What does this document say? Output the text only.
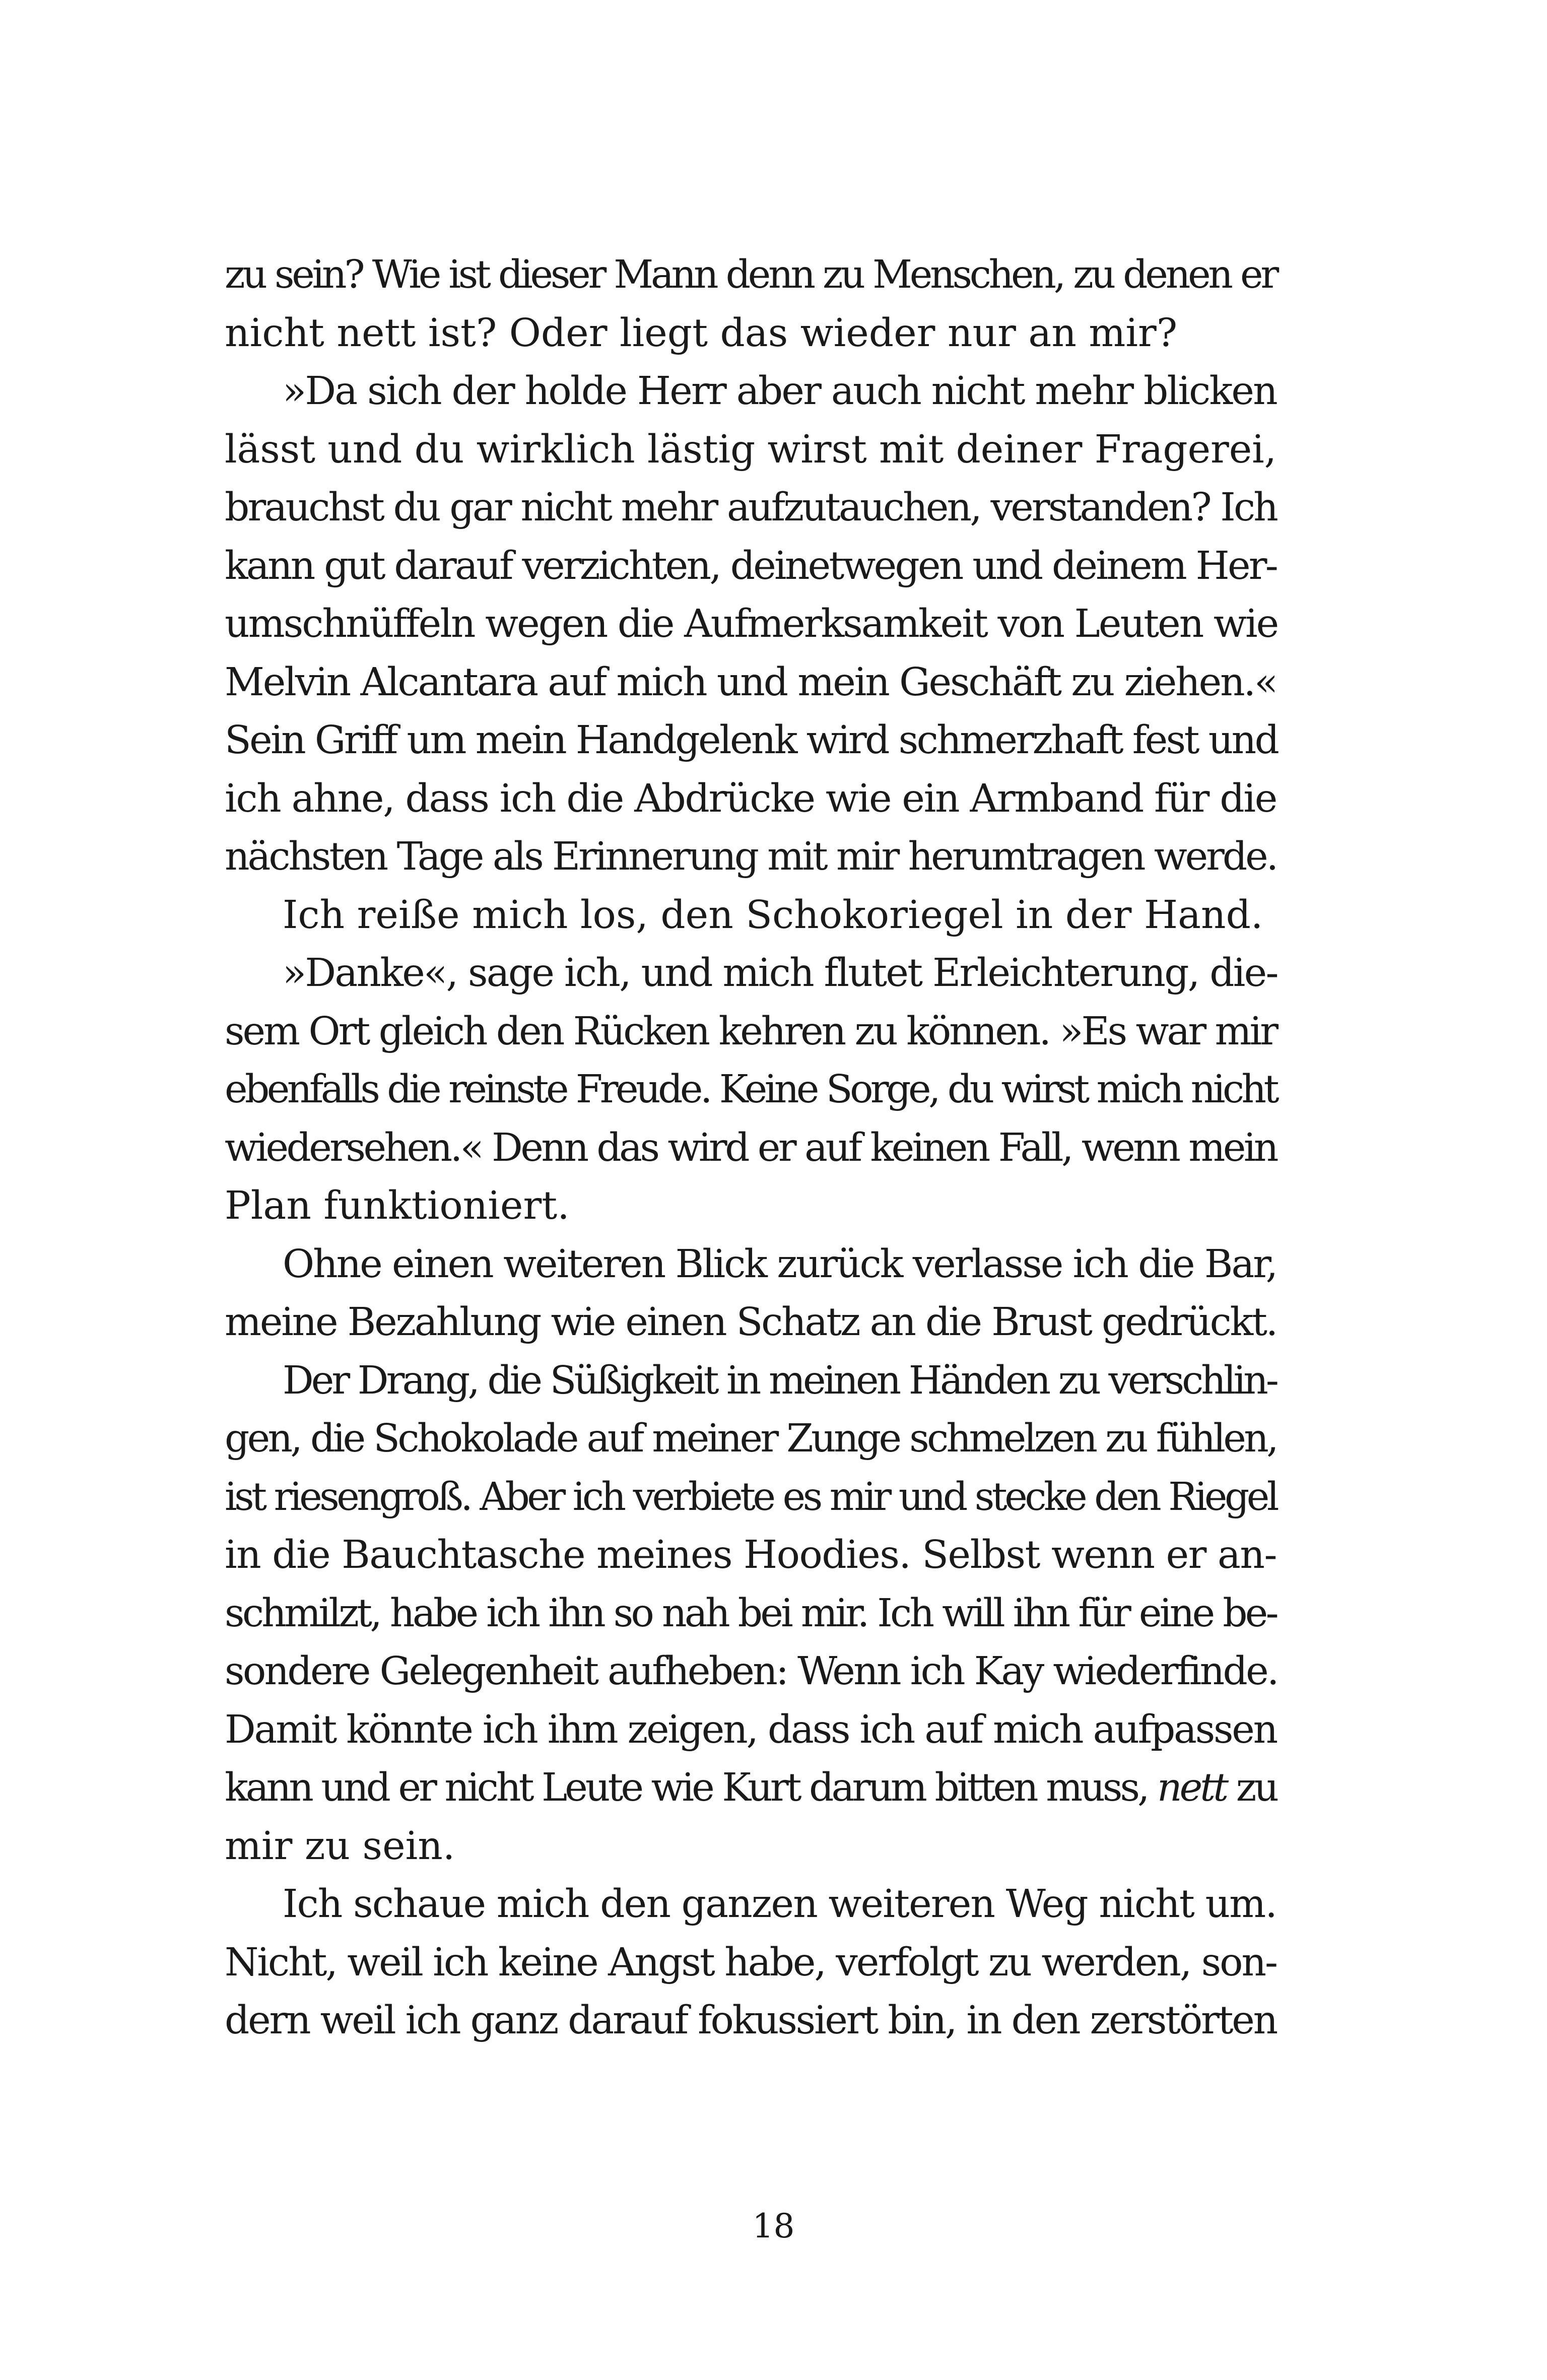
zu sein? Wie ist dieser Mann denn zu Menschen, zu denen er
nicht nett ist? Oder liegt das wieder nur an mir?
»Da sich der holde Herr aber auch nicht mehr blicken
lässt und du wirklich lästig wirst mit deiner Fragerei,
brauchst du gar nicht mehr aufzutauchen, verstanden? Ich
kann gut darauf verzichten, deinetwegen und deinem Her-
umschnüffeln wegen die Aufmerksamkeit von Leuten wie
Melvin Alcantara auf mich und mein Geschäft zu ziehen.«
Sein Griff um mein Handgelenk wird schmerzhaft fest und
ich ahne, dass ich die Abdrücke wie ein Armband für die
nächsten Tage als Erinnerung mit mir herumtragen werde.
Ich reiße mich los, den Schokoriegel in der Hand.
»Danke«, sage ich, und mich flutet Erleichterung, die-
sem Ort gleich den Rücken kehren zu können. »Es war mir
ebenfalls die reinste Freude. Keine Sorge, du wirst mich nicht
wiedersehen.« Denn das wird er auf keinen Fall, wenn mein
Plan funktioniert.
Ohne einen weiteren Blick zurück verlasse ich die Bar,
meine Bezahlung wie einen Schatz an die Brust gedrückt.
Der Drang, die Süßigkeit in meinen Händen zu verschlin-
gen, die Schokolade auf meiner Zunge schmelzen zu fühlen,
ist riesengroß. Aber ich verbiete es mir und stecke den Riegel
in die Bauchtasche meines Hoodies. Selbst wenn er an-
schmilzt, habe ich ihn so nah bei mir. Ich will ihn für eine be-
sondere Gelegenheit aufheben: Wenn ich Kay wiederfinde.
Damit könnte ich ihm zeigen, dass ich auf mich aufpassen
kann und er nicht Leute wie Kurt darum bitten muss, nett zu
mir zu sein.
Ich schaue mich den ganzen weiteren Weg nicht um.
Nicht, weil ich keine Angst habe, verfolgt zu werden, son-
dern weil ich ganz darauf fokussiert bin, in den zerstörten
18
